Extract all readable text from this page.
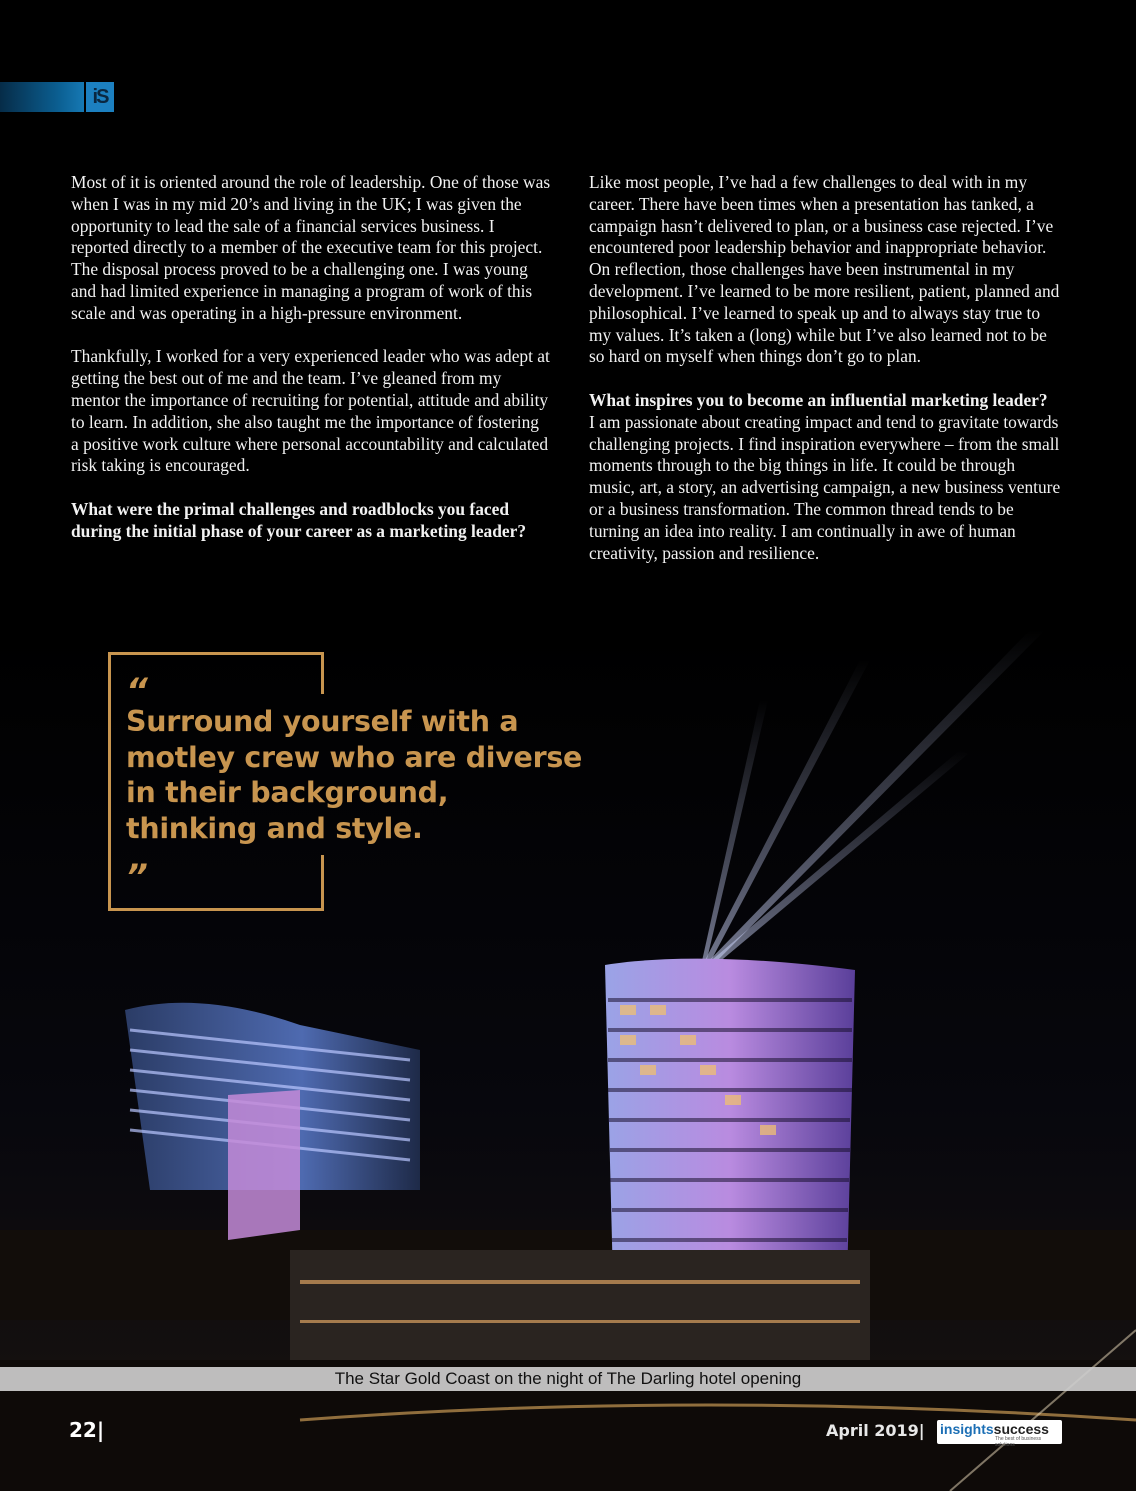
iS

Most of it is oriented around the role of leadership. One of those was when I was in my mid 20’s and living in the UK; I was given the opportunity to lead the sale of a financial services business. I reported directly to a member of the executive team for this project. The disposal process proved to be a challenging one. I was young and had limited experience in managing a program of work of this scale and was operating in a high-pressure environment.

Thankfully, I worked for a very experienced leader who was adept at getting the best out of me and the team. I’ve gleaned from my mentor the importance of recruiting for potential, attitude and ability to learn. In addition, she also taught me the importance of fostering a positive work culture where personal accountability and calculated risk taking is encouraged.

What were the primal challenges and roadblocks you faced during the initial phase of your career as a marketing leader?

Like most people, I’ve had a few challenges to deal with in my career. There have been times when a presentation has tanked, a campaign hasn’t delivered to plan, or a business case rejected. I’ve encountered poor leadership behavior and inappropriate behavior. On reflection, those challenges have been instrumental in my development. I’ve learned to be more resilient, patient, planned and philosophical. I’ve learned to speak up and to always stay true to my values. It’s taken a (long) while but I’ve also learned not to be so hard on myself when things don’t go to plan.

What inspires you to become an influential marketing leader?

I am passionate about creating impact and tend to gravitate towards challenging projects. I find inspiration everywhere – from the small moments through to the big things in life. It could be through music, art, a story, an advertising campaign, a new business venture or a business transformation. The common thread tends to be turning an idea into reality. I am continually in awe of human creativity, passion and resilience.

“
Surround yourself with a motley crew who are diverse in their background, thinking and style.
”
The Star Gold Coast on the night of The Darling hotel opening
22|	April 2019| insightssuccess
The best of business solutions
